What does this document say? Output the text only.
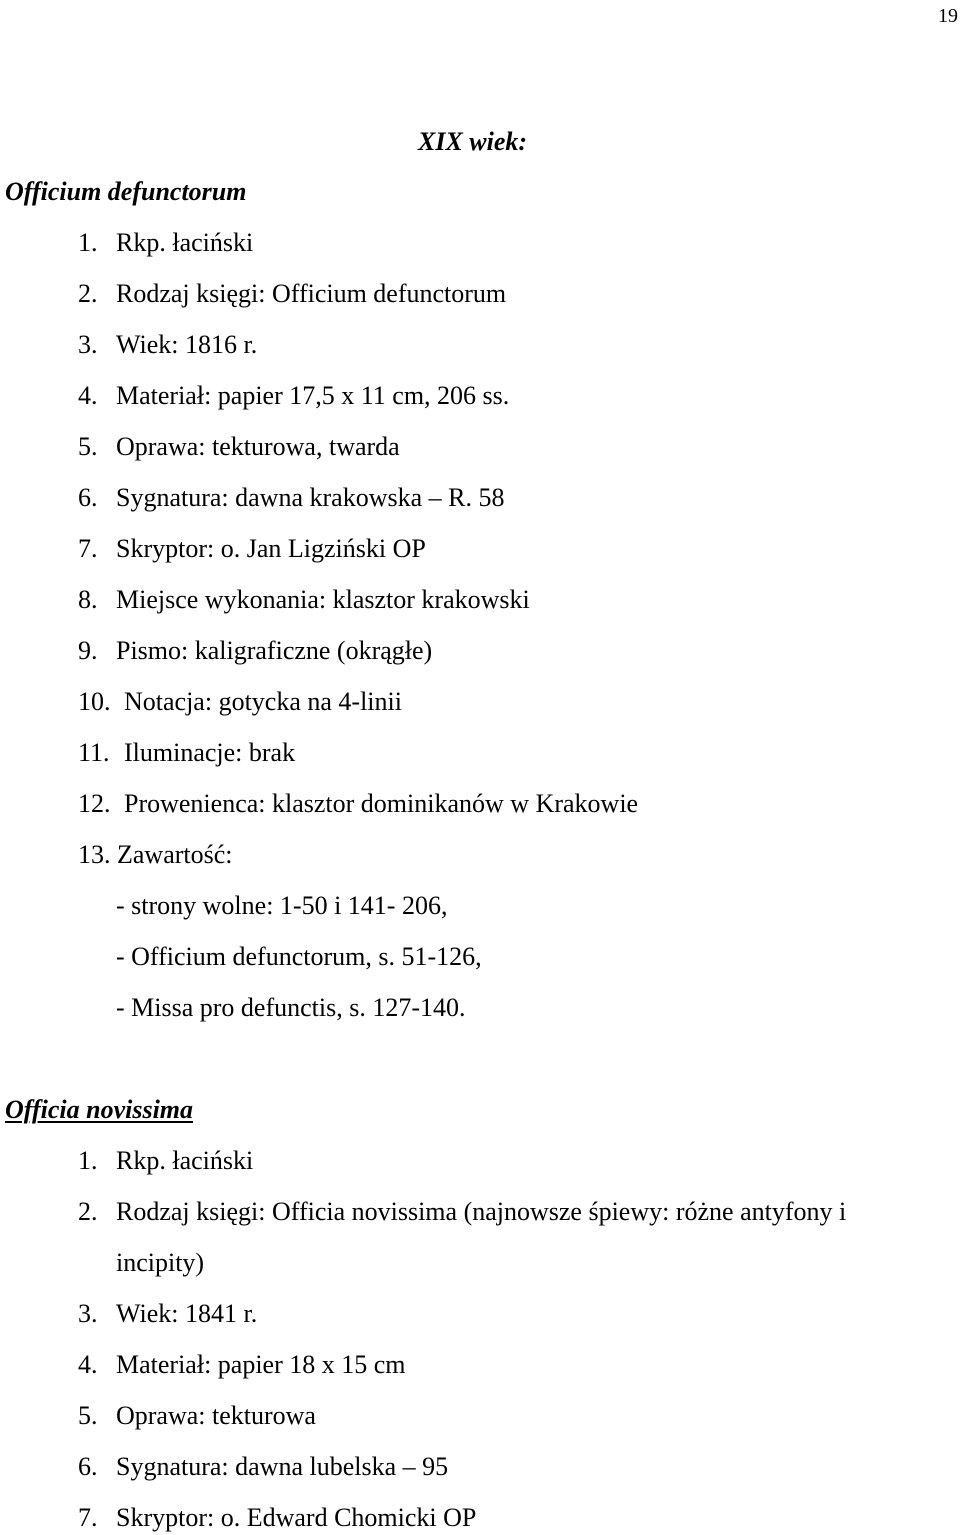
19
XIX wiek:
Officium defunctorum
1. Rkp. łaciński
2. Rodzaj księgi: Officium defunctorum
3. Wiek: 1816 r.
4. Materiał: papier 17,5 x 11 cm, 206 ss.
5. Oprawa: tekturowa, twarda
6. Sygnatura: dawna krakowska – R. 58
7. Skryptor: o. Jan Ligziński OP
8. Miejsce wykonania: klasztor krakowski
9. Pismo: kaligraficzne (okrągłe)
10. Notacja: gotycka na 4-linii
11. Iluminacje: brak
12. Prowenienca: klasztor dominikanów w Krakowie
13. Zawartość:
- strony wolne: 1-50 i 141- 206,
- Officium defunctorum, s. 51-126,
- Missa pro defunctis, s. 127-140.
Officia novissima
1. Rkp. łaciński
2. Rodzaj księgi: Officia novissima (najnowsze śpiewy: różne antyfony i
incipity)
3. Wiek: 1841 r.
4. Materiał: papier 18 x 15 cm
5. Oprawa: tekturowa
6. Sygnatura: dawna lubelska – 95
7. Skryptor: o. Edward Chomicki OP
